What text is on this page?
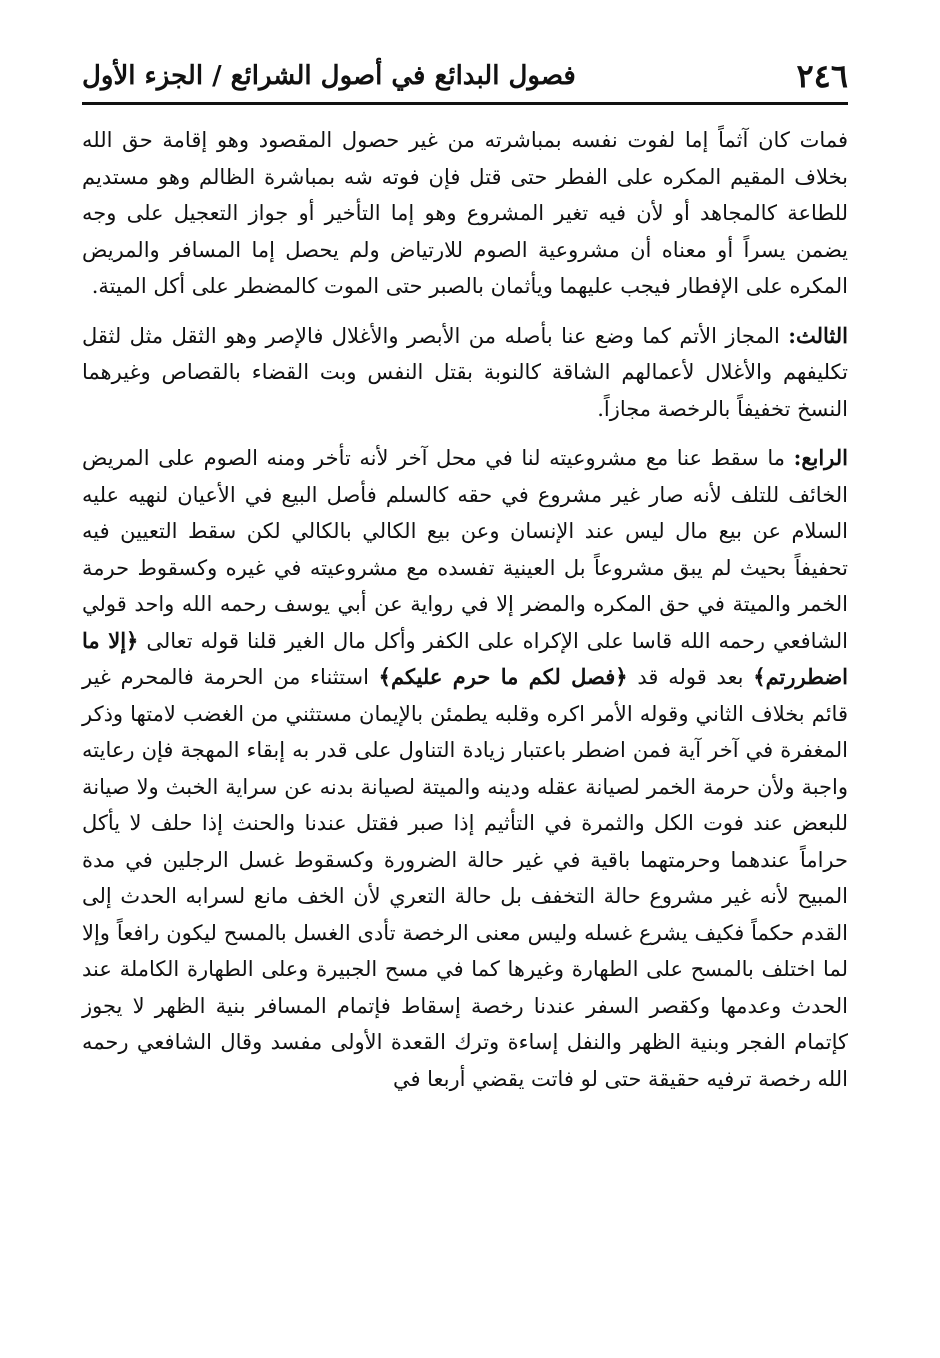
٢٤٦
فصول البدائع في أصول الشرائع / الجزء الأول

فمات كان آثماً إما لفوت نفسه بمباشرته من غير حصول المقصود وهو إقامة حق الله بخلاف المقيم المكره على الفطر حتى قتل فإن فوته شه بمباشرة الظالم وهو مستديم للطاعة كالمجاهد أو لأن فيه تغير المشروع وهو إما التأخير أو جواز التعجيل على وجه يضمن يسراً أو معناه أن مشروعية الصوم للارتياض ولم يحصل إما المسافر والمريض المكره على الإفطار فيجب عليهما ويأثمان بالصبر حتى الموت كالمضطر على أكل الميتة.

الثالث: المجاز الأتم كما وضع عنا بأصله من الأبصر والأغلال فالإصر وهو الثقل مثل لثقل تكليفهم والأغلال لأعمالهم الشاقة كالنوبة بقتل النفس وبت القضاء بالقصاص وغيرهما النسخ تخفيفاً بالرخصة مجازاً.

الرابع: ما سقط عنا مع مشروعيته لنا في محل آخر لأنه تأخر ومنه الصوم على المريض الخائف للتلف لأنه صار غير مشروع في حقه كالسلم فأصل البيع في الأعيان لنهيه عليه السلام عن بيع مال ليس عند الإنسان وعن بيع الكالي بالكالي لكن سقط التعيين فيه تحفيفاً بحيث لم يبق مشروعاً بل العينية تفسده مع مشروعيته في غيره وكسقوط حرمة الخمر والميتة في حق المكره والمضر إلا في رواية عن أبي يوسف رحمه الله واحد قولي الشافعي رحمه الله قاسا على الإكراه على الكفر وأكل مال الغير قلنا قوله تعالى ﴿إلا ما اضطررتم﴾ بعد قوله قد ﴿فصل لكم ما حرم عليكم﴾ استثناء من الحرمة فالمحرم غير قائم بخلاف الثاني وقوله الأمر اكره وقلبه يطمئن بالإيمان مستثني من الغضب لامتها وذكر المغفرة في آخر آية فمن اضطر باعتبار زيادة التناول على قدر به إبقاء المهجة فإن رعايته واجبة ولأن حرمة الخمر لصيانة عقله ودينه والميتة لصيانة بدنه عن سراية الخبث ولا صيانة للبعض عند فوت الكل والثمرة في التأثيم إذا صبر فقتل عندنا والحنث إذا حلف لا يأكل حراماً عندهما وحرمتهما باقية في غير حالة الضرورة وكسقوط غسل الرجلين في مدة المبيح لأنه غير مشروع حالة التخفف بل حالة التعري لأن الخف مانع لسرابه الحدث إلى القدم حكماً فكيف يشرع غسله وليس معنى الرخصة تأدى الغسل بالمسح ليكون رافعاً وإلا لما اختلف بالمسح على الطهارة وغيرها كما في مسح الجبيرة وعلى الطهارة الكاملة عند الحدث وعدمها وكقصر السفر عندنا رخصة إسقاط فإتمام المسافر بنية الظهر لا يجوز كإتمام الفجر وبنية الظهر والنفل إساءة وترك القعدة الأولى مفسد وقال الشافعي رحمه الله رخصة ترفيه حقيقة حتى لو فاتت يقضي أربعا في
